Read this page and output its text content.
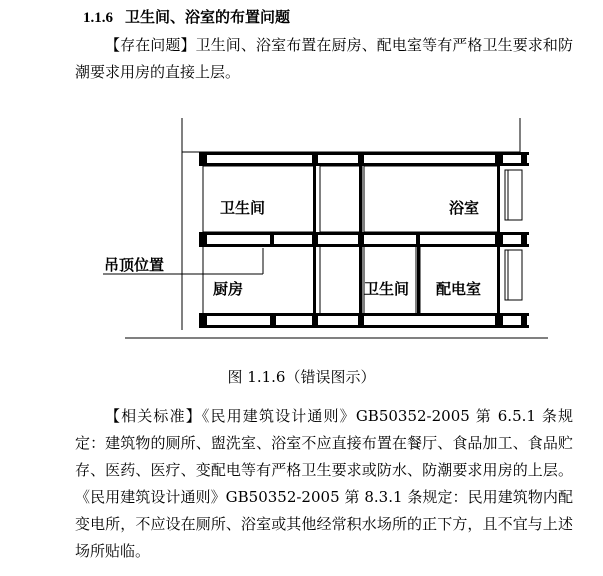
1.1.6 卫生间、浴室的布置问题
【存在问题】卫生间、浴室布置在厨房、配电室等有严格卫生要求和防潮要求用房的直接上层。
卫生间	浴室
吊顶位置
厨房	卫生间 配电室
图 1.1.6（错误图示）
【相关标准】《民用建筑设计通则》GB50352-2005 第 6.5.1 条规定：建筑物的厕所、盥洗室、浴室不应直接布置在餐厅、食品加工、食品贮存、医药、医疗、变配电等有严格卫生要求或防水、防潮要求用房的上层。《民用建筑设计通则》GB50352-2005 第 8.3.1 条规定：民用建筑物内配变电所，不应设在厕所、浴室或其他经常积水场所的正下方，且不宜与上述场所贴临。
